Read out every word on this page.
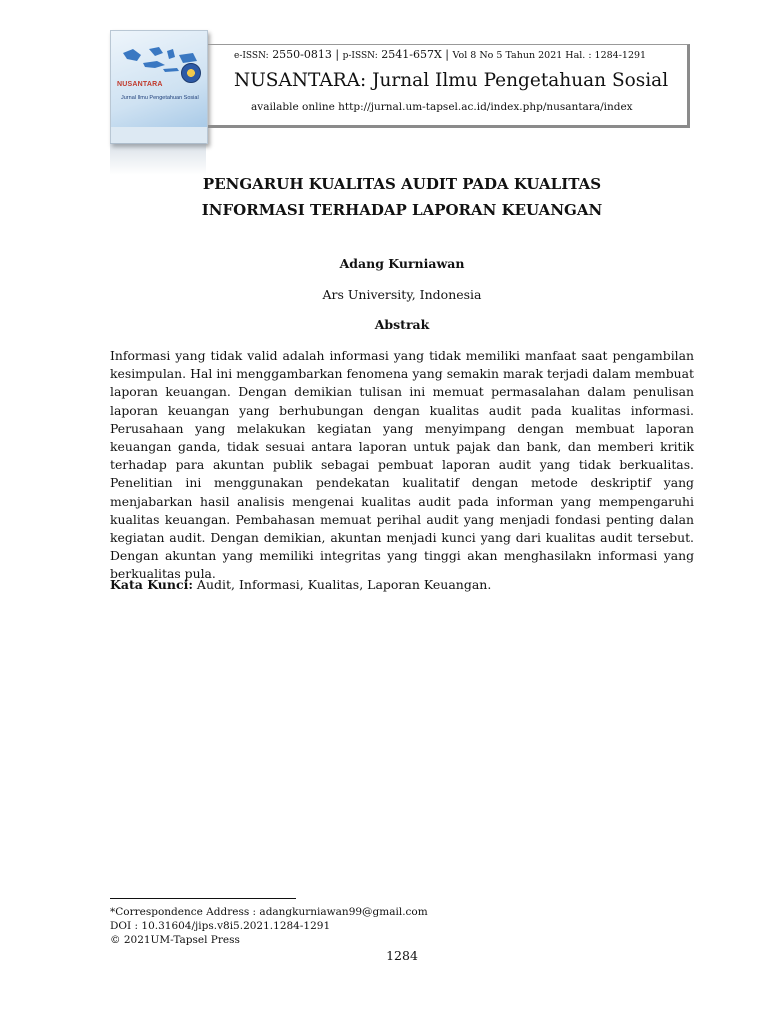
NUSANTARA
Jurnal Ilmu Pengetahuan Sosial
e-ISSN: 2550-0813 | p-ISSN: 2541-657X | Vol 8 No 5 Tahun 2021 Hal. : 1284-1291
NUSANTARA: Jurnal Ilmu Pengetahuan Sosial
available online http://jurnal.um-tapsel.ac.id/index.php/nusantara/index
PENGARUH KUALITAS AUDIT PADA KUALITAS
INFORMASI TERHADAP LAPORAN KEUANGAN
Adang Kurniawan
Ars University, Indonesia
Abstrak

Informasi yang tidak valid adalah informasi yang tidak memiliki manfaat saat pengambilan kesimpulan. Hal ini menggambarkan fenomena yang semakin marak terjadi dalam membuat laporan keuangan. Dengan demikian tulisan ini memuat permasalahan dalam penulisan laporan keuangan yang berhubungan dengan kualitas audit pada kualitas informasi. Perusahaan yang melakukan kegiatan yang menyimpang dengan membuat laporan keuangan ganda, tidak sesuai antara laporan untuk pajak dan bank, dan memberi kritik terhadap para akuntan publik sebagai pembuat laporan audit yang tidak berkualitas. Penelitian ini menggunakan pendekatan kualitatif dengan metode deskriptif yang menjabarkan hasil analisis mengenai kualitas audit pada informan yang mempengaruhi kualitas keuangan. Pembahasan memuat perihal audit yang menjadi fondasi penting dalan kegiatan audit. Dengan demikian, akuntan menjadi kunci yang dari kualitas audit tersebut. Dengan akuntan yang memiliki integritas yang tinggi akan menghasilakn informasi yang berkualitas pula.

Kata Kunci: Audit, Informasi, Kualitas, Laporan Keuangan.
*Correspondence Address : adangkurniawan99@gmail.com
DOI : 10.31604/jips.v8i5.2021.1284-1291
© 2021UM-Tapsel Press
1284
